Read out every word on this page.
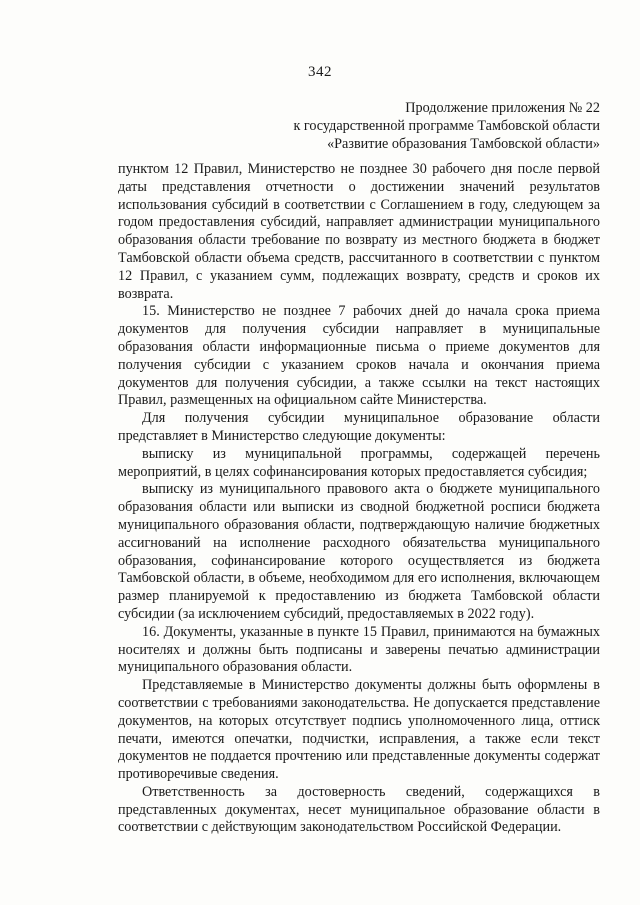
342
Продолжение приложения № 22
к государственной программе Тамбовской области
«Развитие образования Тамбовской области»

пунктом 12 Правил, Министерство не позднее 30 рабочего дня после первой даты представления отчетности о достижении значений результатов использования субсидий в соответствии с Соглашением в году, следующем за годом предоставления субсидий, направляет администрации муниципального образования области требование по возврату из местного бюджета в бюджет Тамбовской области объема средств, рассчитанного в соответствии с пунктом 12 Правил, с указанием сумм, подлежащих возврату, средств и сроков их возврата.

15. Министерство не позднее 7 рабочих дней до начала срока приема документов для получения субсидии направляет в муниципальные образования области информационные письма о приеме документов для получения субсидии с указанием сроков начала и окончания приема документов для получения субсидии, а также ссылки на текст настоящих Правил, размещенных на официальном сайте Министерства.

Для получения субсидии муниципальное образование области представляет в Министерство следующие документы:

выписку из муниципальной программы, содержащей перечень мероприятий, в целях софинансирования которых предоставляется субсидия;

выписку из муниципального правового акта о бюджете муниципального образования области или выписки из сводной бюджетной росписи бюджета муниципального образования области, подтверждающую наличие бюджетных ассигнований на исполнение расходного обязательства муниципального образования, софинансирование которого осуществляется из бюджета Тамбовской области, в объеме, необходимом для его исполнения, включающем размер планируемой к предоставлению из бюджета Тамбовской области субсидии (за исключением субсидий, предоставляемых в 2022 году).

16. Документы, указанные в пункте 15 Правил, принимаются на бумажных носителях и должны быть подписаны и заверены печатью администрации муниципального образования области.

Представляемые в Министерство документы должны быть оформлены в соответствии с требованиями законодательства. Не допускается представление документов, на которых отсутствует подпись уполномоченного лица, оттиск печати, имеются опечатки, подчистки, исправления, а также если текст документов не поддается прочтению или представленные документы содержат противоречивые сведения.

Ответственность за достоверность сведений, содержащихся в представленных документах, несет муниципальное образование области в соответствии с действующим законодательством Российской Федерации.
